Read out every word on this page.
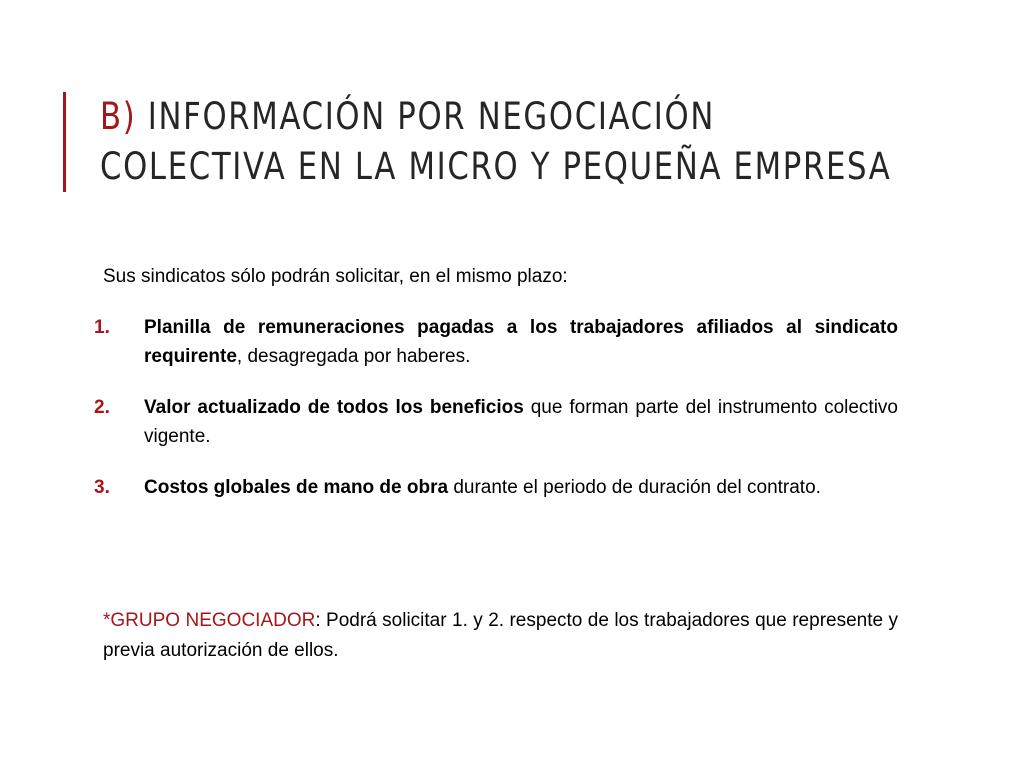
B) INFORMACIÓN POR NEGOCIACIÓN
COLECTIVA EN LA MICRO Y PEQUEÑA EMPRESA

Sus sindicatos sólo podrán solicitar, en el mismo plazo:

1. Planilla de remuneraciones pagadas a los trabajadores afiliados al sindicato requirente, desagregada por haberes.
2. Valor actualizado de todos los beneficios que forman parte del instrumento colectivo vigente.
3. Costos globales de mano de obra durante el periodo de duración del contrato.

*GRUPO NEGOCIADOR: Podrá solicitar 1. y 2. respecto de los trabajadores que represente y previa autorización de ellos.
